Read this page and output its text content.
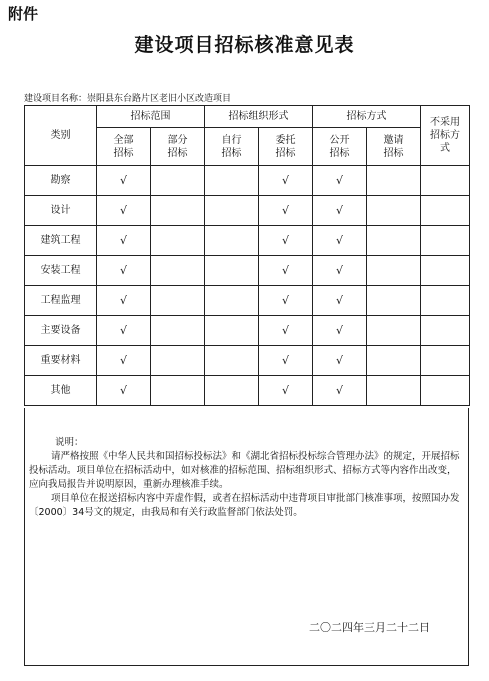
附件
建设项目招标核准意见表
建设项目名称：崇阳县东台路片区老旧小区改造项目
类别	招标范围		招标组织形式		招标方式		不采用招标方式
	全部招标	部分招标	自行招标	委托招标	公开招标	邀请招标	
勘察	√			√	√		
设计	√			√	√		
建筑工程	√			√	√		
安装工程	√			√	√		
工程监理	√			√	√		
主要设备	√			√	√		
重要材料	√			√	√		
其他	√			√	√		
说明：

请严格按照《中华人民共和国招标投标法》和《湖北省招标投标综合管理办法》的规定，开展招标投标活动。项目单位在招标活动中，如对核准的招标范围、招标组织形式、招标方式等内容作出改变，应向我局报告并说明原因，重新办理核准手续。

项目单位在报送招标内容中弄虚作假，或者在招标活动中违背项目审批部门核准事项，按照国办发〔2000〕34号文的规定，由我局和有关行政监督部门依法处罚。

二〇二四年三月二十二日
